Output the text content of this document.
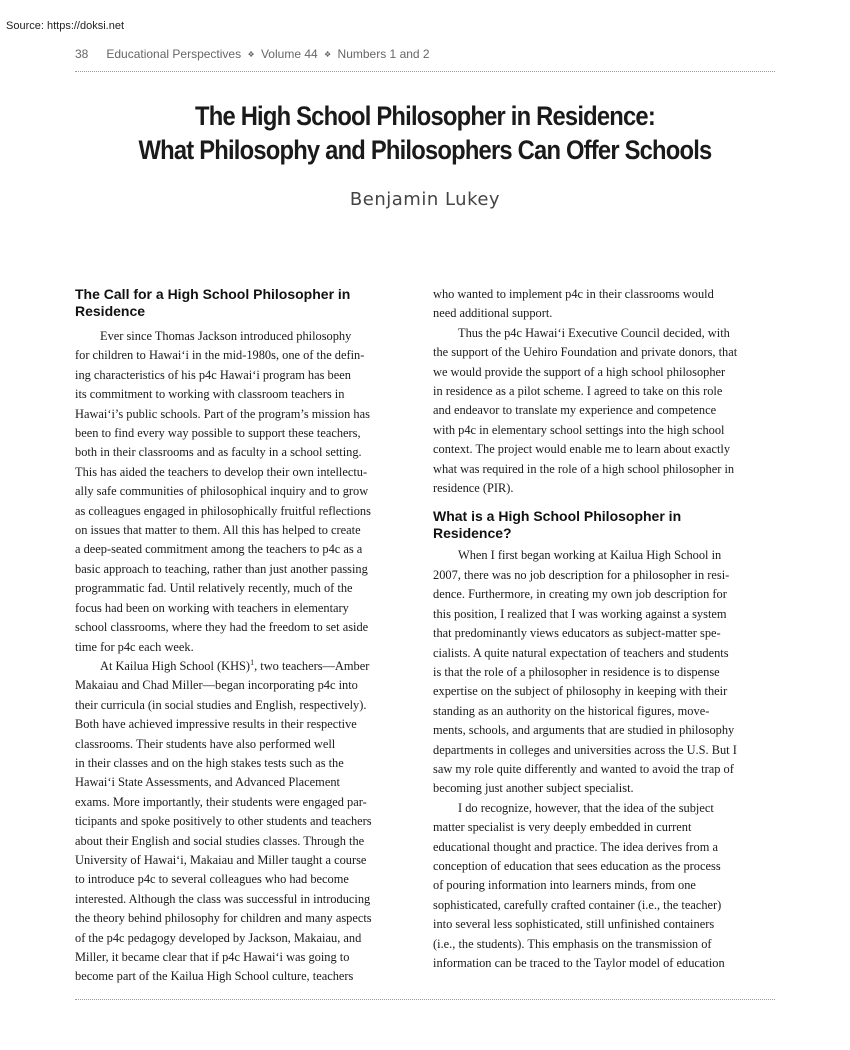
Source: https://doksi.net
38 Educational Perspectives ❖ Volume 44 ❖ Numbers 1 and 2
The High School Philosopher in Residence:
What Philosophy and Philosophers Can Offer Schools
Benjamin Lukey
The Call for a High School Philosopher in
Residence
Ever since Thomas Jackson introduced philosophy
for children to Hawai‘i in the mid-1980s, one of the defin-
ing characteristics of his p4c Hawai‘i program has been
its commitment to working with classroom teachers in
Hawai‘i’s public schools. Part of the program’s mission has
been to find every way possible to support these teachers,
both in their classrooms and as faculty in a school setting.
This has aided the teachers to develop their own intellectu-
ally safe communities of philosophical inquiry and to grow
as colleagues engaged in philosophically fruitful reflections
on issues that matter to them. All this has helped to create
a deep-seated commitment among the teachers to p4c as a
basic approach to teaching, rather than just another passing
programmatic fad. Until relatively recently, much of the
focus had been on working with teachers in elementary
school classrooms, where they had the freedom to set aside
time for p4c each week.
At Kailua High School (KHS)$^1$, two teachers—Amber
Makaiau and Chad Miller—began incorporating p4c into
their curricula (in social studies and English, respectively).
Both have achieved impressive results in their respective
classrooms. Their students have also performed well
in their classes and on the high stakes tests such as the
Hawai‘i State Assessments, and Advanced Placement
exams. More importantly, their students were engaged par-
ticipants and spoke positively to other students and teachers
about their English and social studies classes. Through the
University of Hawai‘i, Makaiau and Miller taught a course
to introduce p4c to several colleagues who had become
interested. Although the class was successful in introducing
the theory behind philosophy for children and many aspects
of the p4c pedagogy developed by Jackson, Makaiau, and
Miller, it became clear that if p4c Hawai‘i was going to
become part of the Kailua High School culture, teachers
who wanted to implement p4c in their classrooms would
need additional support.
Thus the p4c Hawai‘i Executive Council decided, with
the support of the Uehiro Foundation and private donors, that
we would provide the support of a high school philosopher
in residence as a pilot scheme. I agreed to take on this role
and endeavor to translate my experience and competence
with p4c in elementary school settings into the high school
context. The project would enable me to learn about exactly
what was required in the role of a high school philosopher in
residence (PIR).
What is a High School Philosopher in
Residence?
When I first began working at Kailua High School in
2007, there was no job description for a philosopher in resi-
dence. Furthermore, in creating my own job description for
this position, I realized that I was working against a system
that predominantly views educators as subject-matter spe-
cialists. A quite natural expectation of teachers and students
is that the role of a philosopher in residence is to dispense
expertise on the subject of philosophy in keeping with their
standing as an authority on the historical figures, move-
ments, schools, and arguments that are studied in philosophy
departments in colleges and universities across the U.S. But I
saw my role quite differently and wanted to avoid the trap of
becoming just another subject specialist.
I do recognize, however, that the idea of the subject
matter specialist is very deeply embedded in current
educational thought and practice. The idea derives from a
conception of education that sees education as the process
of pouring information into learners minds, from one
sophisticated, carefully crafted container (i.e., the teacher)
into several less sophisticated, still unfinished containers
(i.e., the students). This emphasis on the transmission of
information can be traced to the Taylor model of education
